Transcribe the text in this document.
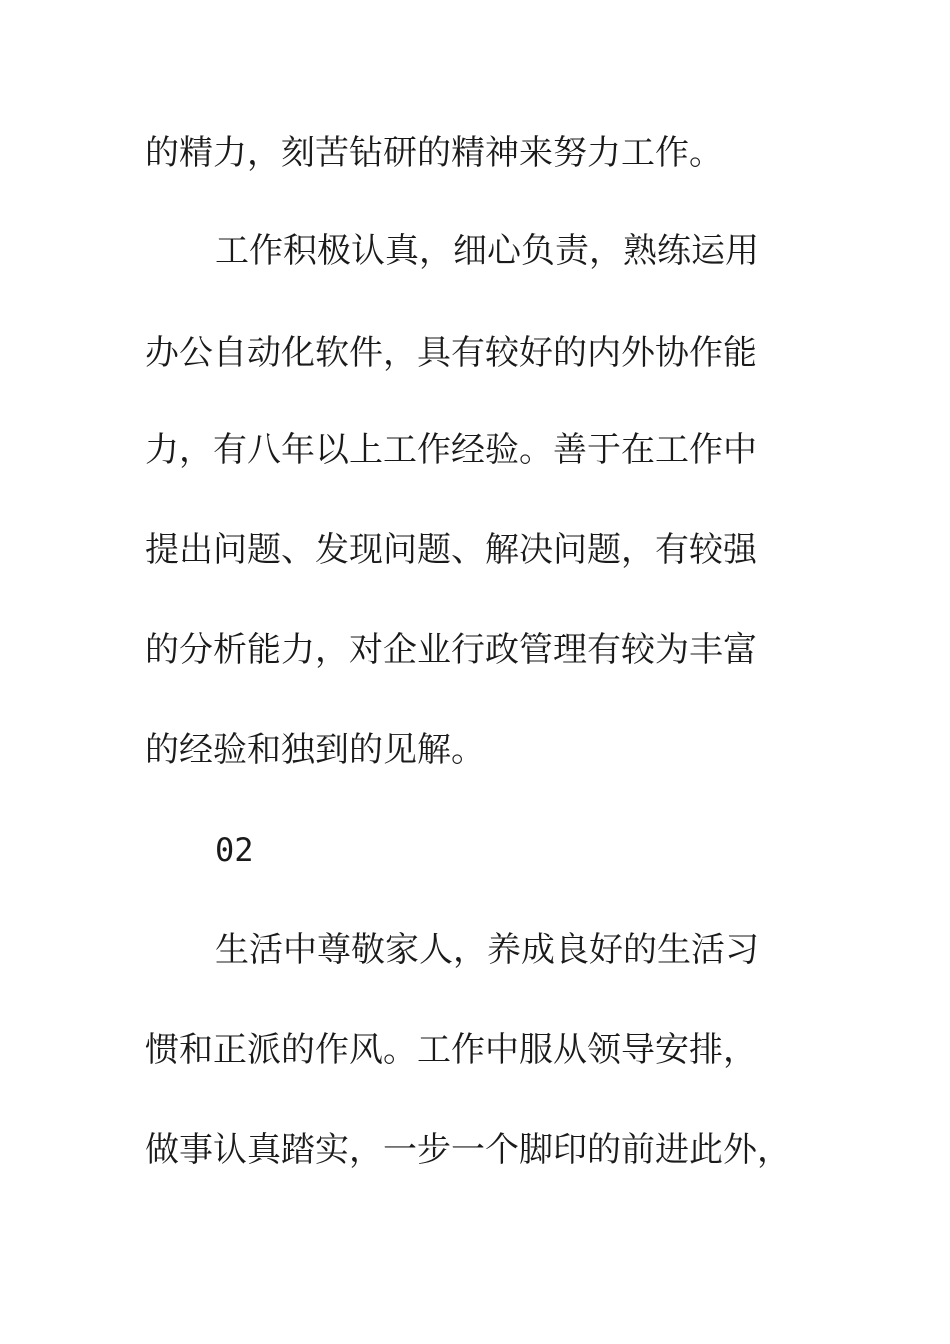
的精力，刻苦钻研的精神来努力工作。
工作积极认真，细心负责，熟练运用
办公自动化软件，具有较好的内外协作能
力，有八年以上工作经验。善于在工作中
提出问题、发现问题、解决问题，有较强
的分析能力，对企业行政管理有较为丰富
的经验和独到的见解。
02
生活中尊敬家人，养成良好的生活习
惯和正派的作风。工作中服从领导安排，
做事认真踏实，一步一个脚印的前进此外，
